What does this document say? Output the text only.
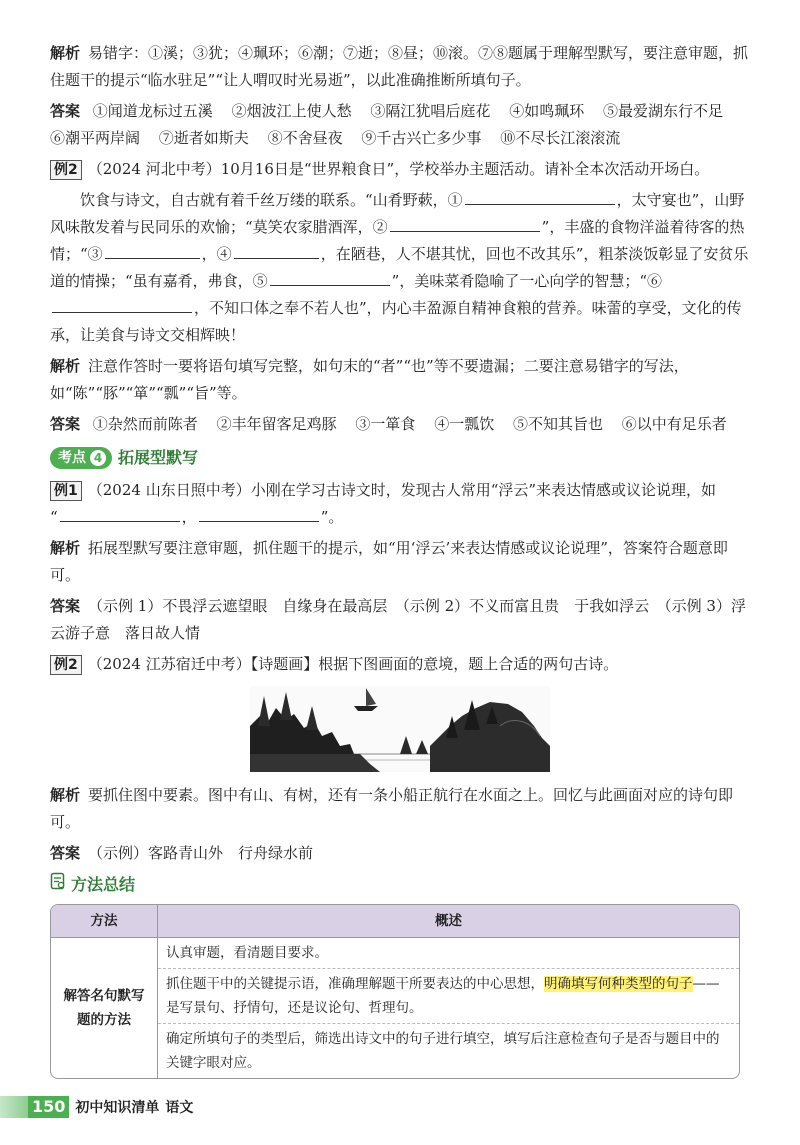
解析 易错字：①溪；③犹；④珮环；⑥潮；⑦逝；⑧昼；⑩滚。⑦⑧题属于理解型默写，要注意审题，抓住题干的提示“临水驻足”“让人喟叹时光易逝”，以此准确推断所填句子。

答案 ①闻道龙标过五溪 ②烟波江上使人愁 ③隔江犹唱后庭花 ④如鸣珮环 ⑤最爱湖东行不足 ⑥潮平两岸阔 ⑦逝者如斯夫 ⑧不舍昼夜 ⑨千古兴亡多少事 ⑩不尽长江滚滚流

例2 （2024 河北中考）10月16日是“世界粮食日”，学校举办主题活动。请补全本次活动开场白。

饮食与诗文，自古就有着千丝万缕的联系。“山肴野蔌，①	，太守宴也”，山野风味散发着与民同乐的欢愉；“莫笑农家腊酒浑，②	”，丰盛的食物洋溢着待客的热情；“③	，④	，在陋巷，人不堪其忧，回也不改其乐”，粗茶淡饭彰显了安贫乐道的情操；“虽有嘉肴，弗食，⑤	”，美味菜肴隐喻了一心向学的智慧；“⑥，不知口体之奉不若人也”，内心丰盈源自精神食粮的营养。味蕾的享受，文化的传承，让美食与诗文交相辉映！

解析 注意作答时一要将语句填写完整，如句末的“者”“也”等不要遗漏；二要注意易错字的写法，如“陈”“豚”“箪”“瓢”“旨”等。

答案 ①杂然而前陈者 ②丰年留客足鸡豚 ③一箪食 ④一瓢饮 ⑤不知其旨也 ⑥以中有足乐者

考点 4 拓展型默写

例1 （2024 山东日照中考）小刚在学习古诗文时，发现古人常用“浮云”来表达情感或议论说理，如
“	，	”。

解析 拓展型默写要注意审题，抓住题干的提示，如“用‘浮云’来表达情感或议论说理”，答案符合题意即可。

答案 （示例 1）不畏浮云遮望眼　自缘身在最高层　（示例 2）不义而富且贵　于我如浮云　（示例 3）浮云游子意　落日故人情

例2 （2024 江苏宿迁中考）【诗题画】根据下图画面的意境，题上合适的两句古诗。

解析 要抓住图中要素。图中有山、有树，还有一条小船正航行在水面之上。回忆与此画面对应的诗句即可。

答案 （示例）客路青山外　行舟绿水前

方法总结
方法	概述
解答名句默写题的方法	认真审题，看清题目要求。
	抓住题干中的关键提示语，准确理解题干所要表达的中心思想，明确填写何种类型的句子——是写景句、抒情句，还是议论句、哲理句。
	确定所填句子的类型后，筛选出诗文中的句子进行填空，填写后注意检查句子是否与题目中的关键字眼对应。
150 初中知识清单 语文
